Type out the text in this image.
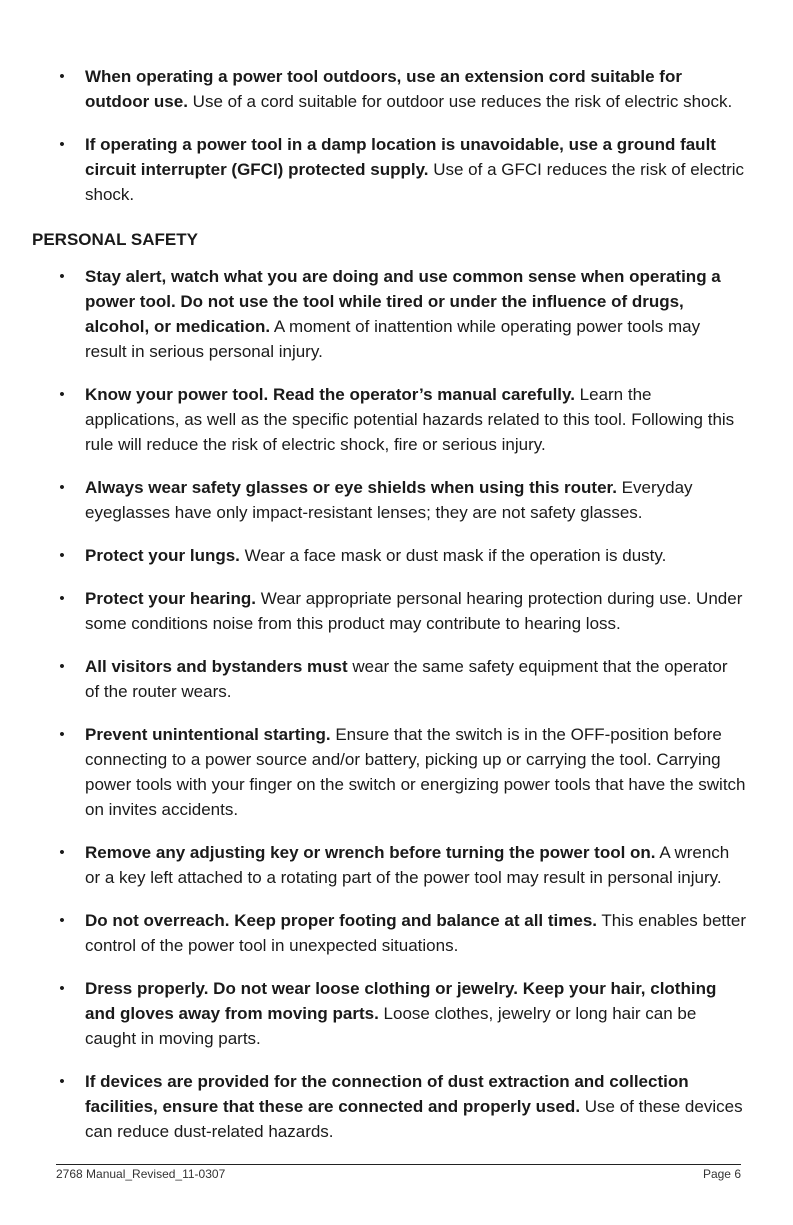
• When operating a power tool outdoors, use an extension cord suitable for outdoor use. Use of a cord suitable for outdoor use reduces the risk of electric shock.
• If operating a power tool in a damp location is unavoidable, use a ground fault circuit interrupter (GFCI) protected supply. Use of a GFCI reduces the risk of electric shock.
PERSONAL SAFETY
• Stay alert, watch what you are doing and use common sense when operating a power tool. Do not use the tool while tired or under the influence of drugs, alcohol, or medication. A moment of inattention while operating power tools may result in serious personal injury.
• Know your power tool. Read the operator’s manual carefully. Learn the applications, as well as the specific potential hazards related to this tool. Following this rule will reduce the risk of electric shock, fire or serious injury.
• Always wear safety glasses or eye shields when using this router. Everyday eyeglasses have only impact-resistant lenses; they are not safety glasses.
• Protect your lungs. Wear a face mask or dust mask if the operation is dusty.
• Protect your hearing. Wear appropriate personal hearing protection during use. Under some conditions noise from this product may contribute to hearing loss.
• All visitors and bystanders must wear the same safety equipment that the operator of the router wears.
• Prevent unintentional starting. Ensure that the switch is in the OFF-position before connecting to a power source and/or battery, picking up or carrying the tool. Carrying power tools with your finger on the switch or energizing power tools that have the switch on invites accidents.
• Remove any adjusting key or wrench before turning the power tool on. A wrench or a key left attached to a rotating part of the power tool may result in personal injury.
• Do not overreach. Keep proper footing and balance at all times. This enables better control of the power tool in unexpected situations.
• Dress properly. Do not wear loose clothing or jewelry. Keep your hair, clothing and gloves away from moving parts. Loose clothes, jewelry or long hair can be caught in moving parts.
• If devices are provided for the connection of dust extraction and collection facilities, ensure that these are connected and properly used. Use of these devices can reduce dust-related hazards.
2768 Manual_Revised_11-0307	Page 6
